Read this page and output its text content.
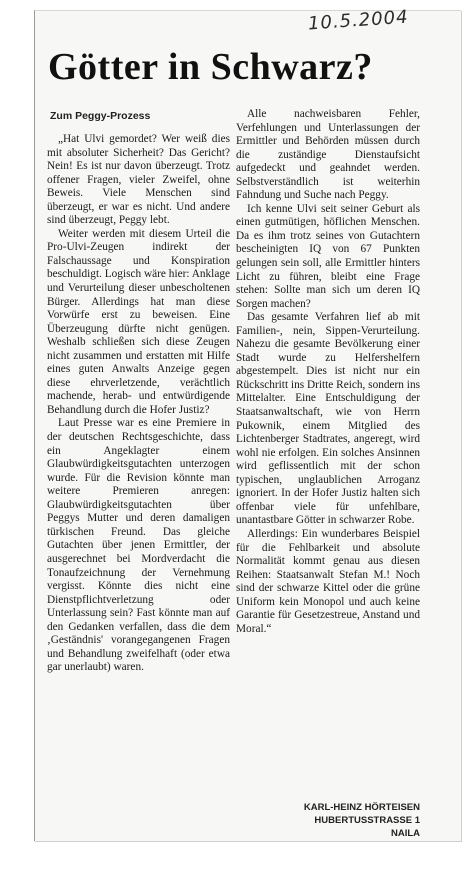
10.5.2004
Götter in Schwarz?
Zum Peggy-Prozess

„Hat Ulvi gemordet? Wer weiß dies mit absoluter Sicherheit? Das Gericht? Nein! Es ist nur davon überzeugt. Trotz offener Fragen, vieler Zweifel, ohne Beweis. Viele Menschen sind überzeugt, er war es nicht. Und andere sind überzeugt, Peggy lebt.

Weiter werden mit diesem Urteil die Pro-Ulvi-Zeugen indirekt der Falschaussage und Konspiration beschuldigt. Logisch wäre hier: Anklage und Verurteilung dieser unbescholtenen Bürger. Allerdings hat man diese Vorwürfe erst zu beweisen. Eine Überzeugung dürfte nicht genügen. Weshalb schließen sich diese Zeugen nicht zusammen und erstatten mit Hilfe eines guten Anwalts Anzeige gegen diese ehrverletzende, verächtlich machende, herab- und entwürdigende Behandlung durch die Hofer Justiz?

Laut Presse war es eine Premiere in der deutschen Rechtsgeschichte, dass ein Angeklagter einem Glaubwürdigkeitsgutachten unterzogen wurde. Für die Revision könnte man weitere Premieren anregen: Glaubwürdigkeitsgutachten über Peggys Mutter und deren damaligen türkischen Freund. Das gleiche Gutachten über jenen Ermittler, der ausgerechnet bei Mordverdacht die Tonaufzeichnung der Vernehmung vergisst. Könnte dies nicht eine Dienstpflichtverletzung oder Unterlassung sein? Fast könnte man auf den Gedanken verfallen, dass die dem ‚Geständnis' vorangegangenen Fragen und Behandlung zweifelhaft (oder etwa gar unerlaubt) waren.

Alle nachweisbaren Fehler, Verfehlungen und Unterlassungen der Ermittler und Behörden müssen durch die zuständige Dienstaufsicht aufgedeckt und geahndet werden. Selbstverständlich ist weiterhin Fahndung und Suche nach Peggy.

Ich kenne Ulvi seit seiner Geburt als einen gutmütigen, höflichen Menschen. Da es ihm trotz seines von Gutachtern bescheinigten IQ von 67 Punkten gelungen sein soll, alle Ermittler hinters Licht zu führen, bleibt eine Frage stehen: Sollte man sich um deren IQ Sorgen machen?

Das gesamte Verfahren lief ab mit Familien-, nein, Sippen-Verurteilung. Nahezu die gesamte Bevölkerung einer Stadt wurde zu Helfershelfern abgestempelt. Dies ist nicht nur ein Rückschritt ins Dritte Reich, sondern ins Mittelalter. Eine Entschuldigung der Staatsanwaltschaft, wie von Herrn Pukownik, einem Mitglied des Lichtenberger Stadtrates, angeregt, wird wohl nie erfolgen. Ein solches Ansinnen wird geflissentlich mit der schon typischen, unglaublichen Arroganz ignoriert. In der Hofer Justiz halten sich offenbar viele für unfehlbare, unantastbare Götter in schwarzer Robe.

Allerdings: Ein wunderbares Beispiel für die Fehlbarkeit und absolute Normalität kommt genau aus diesen Reihen: Staatsanwalt Stefan M.! Noch sind der schwarze Kittel oder die grüne Uniform kein Monopol und auch keine Garantie für Gesetzestreue, Anstand und Moral.“

KARL-HEINZ HÖRTEISEN
HUBERTUSSTRASSE 1
NAILA
